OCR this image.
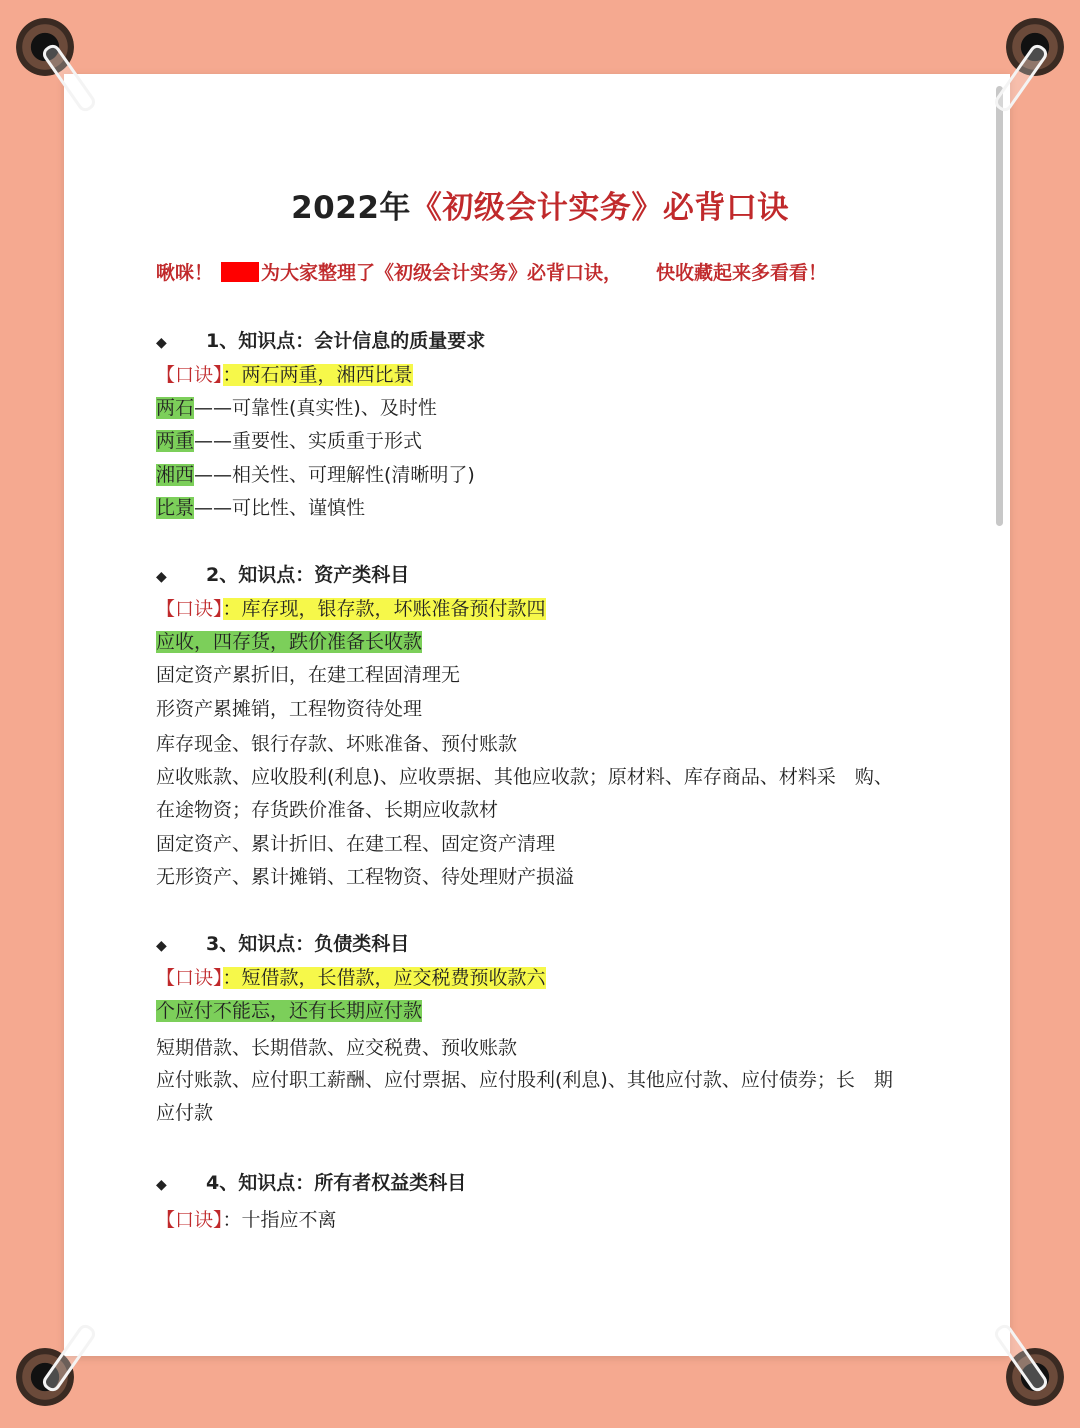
2022年《初级会计实务》必背口诀
啾咪！	为大家整理了《初级会计实务》必背口诀， 快收藏起来多看看！
◆ 1、知识点：会计信息的质量要求
【口诀】：两石两重，湘西比景
两石——可靠性(真实性)、及时性
两重——重要性、实质重于形式
湘西——相关性、可理解性(清晰明了)
比景——可比性、谨慎性
◆ 2、知识点：资产类科目
【口诀】：库存现，银存款，坏账准备预付款四
应收，四存货，跌价准备长收款
固定资产累折旧，在建工程固清理无
形资产累摊销，工程物资待处理
库存现金、银行存款、坏账准备、预付账款
应收账款、应收股利(利息)、应收票据、其他应收款；原材料、库存商品、材料采　购、
在途物资；存货跌价准备、长期应收款材
固定资产、累计折旧、在建工程、固定资产清理
无形资产、累计摊销、工程物资、待处理财产损溢
◆ 3、知识点：负债类科目
【口诀】：短借款，长借款，应交税费预收款六
个应付不能忘，还有长期应付款
短期借款、长期借款、应交税费、预收账款
应付账款、应付职工薪酬、应付票据、应付股利(利息)、其他应付款、应付债券；长　期
应付款
◆ 4、知识点：所有者权益类科目
【口诀】：十指应不离
